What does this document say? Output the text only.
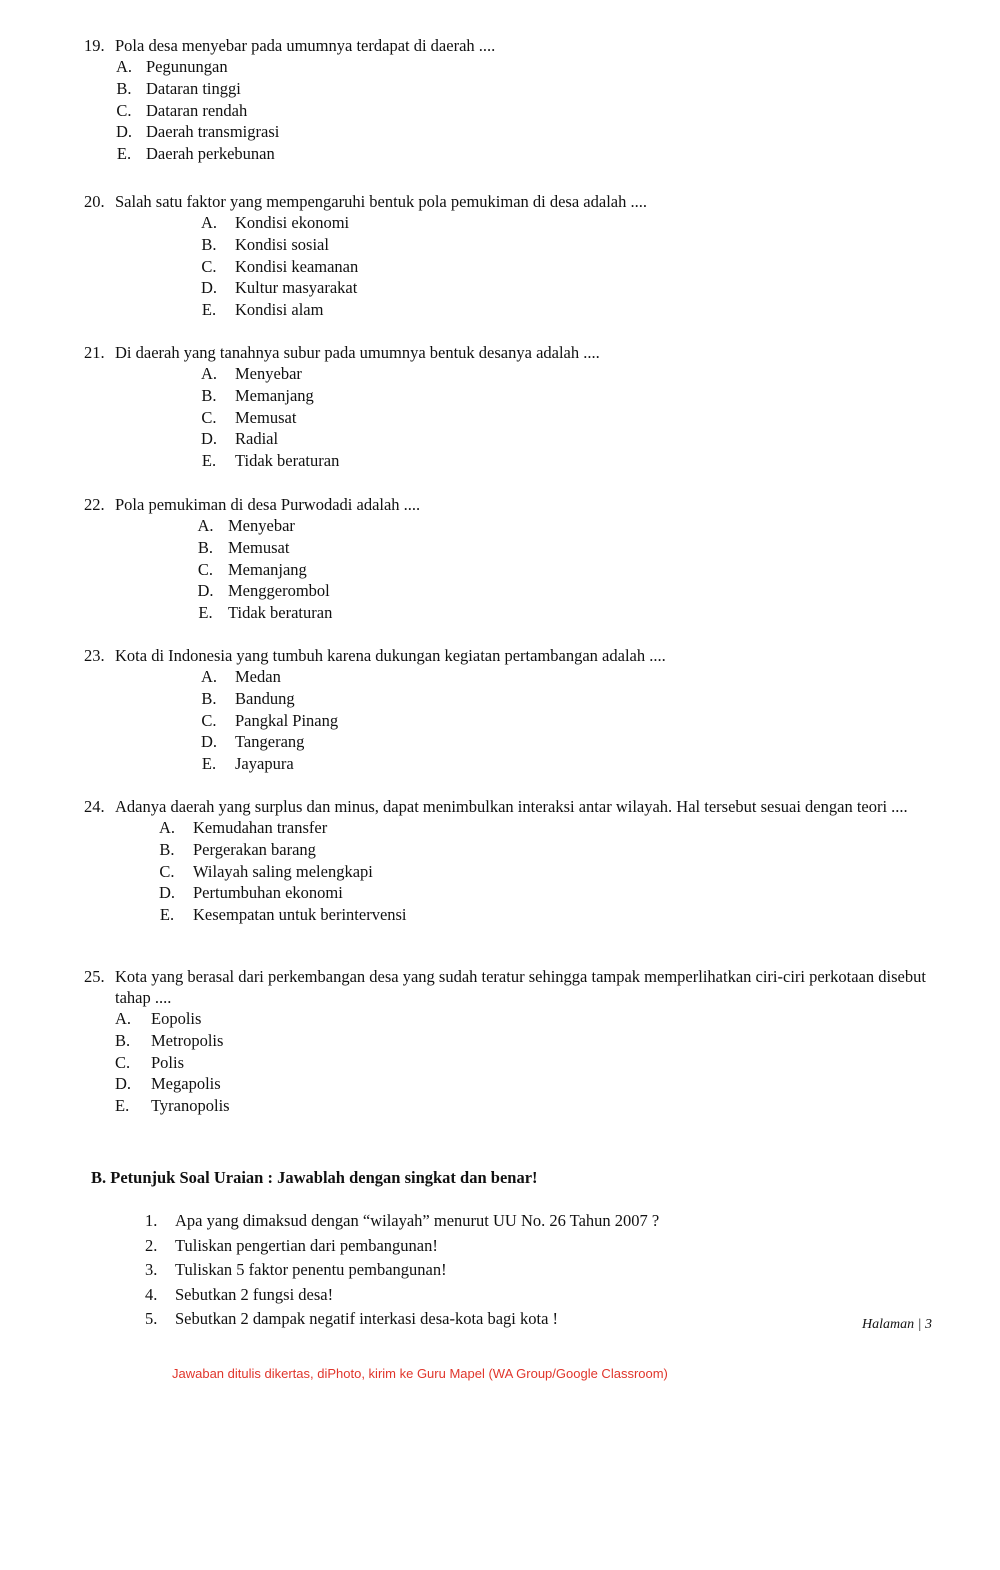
19. Pola desa menyebar pada umumnya terdapat di daerah ....
A. Pegunungan
B. Dataran tinggi
C. Dataran rendah
D. Daerah transmigrasi
E. Daerah perkebunan
20. Salah satu faktor yang mempengaruhi bentuk pola pemukiman di desa adalah ....
A.	Kondisi ekonomi
B.	Kondisi sosial
C.	Kondisi keamanan
D.	Kultur masyarakat
E.	Kondisi alam
21. Di daerah yang tanahnya subur pada umumnya bentuk desanya adalah ....
A.	Menyebar
B.	Memanjang
C.	Memusat
D.	Radial
E.	Tidak beraturan
22. Pola pemukiman di desa Purwodadi adalah ....
A. Menyebar
B. Memusat
C. Memanjang
D. Menggerombol
E. Tidak beraturan
23. Kota di Indonesia yang tumbuh karena dukungan kegiatan pertambangan adalah ....
A.	Medan
B.	Bandung
C.	Pangkal Pinang
D.	Tangerang
E.	Jayapura
24. Adanya daerah yang surplus dan minus, dapat menimbulkan interaksi antar wilayah. Hal tersebut sesuai dengan teori ....
A.	Kemudahan transfer
B.	Pergerakan barang
C.	Wilayah saling melengkapi
D.	Pertumbuhan ekonomi
E.	Kesempatan untuk berintervensi
25. Kota yang berasal dari perkembangan desa yang sudah teratur sehingga tampak memperlihatkan ciri-ciri perkotaan disebut tahap ....
A.	Eopolis
B.	Metropolis
C.	Polis
D.	Megapolis
E.	Tyranopolis
B. Petunjuk Soal Uraian : Jawablah dengan singkat dan benar!
1.	Apa yang dimaksud dengan “wilayah” menurut UU No. 26 Tahun 2007 ?
2.	Tuliskan pengertian dari pembangunan!
3.	Tuliskan 5 faktor penentu pembangunan!
4.	Sebutkan 2 fungsi desa!
5.	Sebutkan 2 dampak negatif interkasi desa-kota bagi kota !	Halaman | 3
Jawaban ditulis dikertas, diPhoto, kirim ke Guru Mapel (WA Group/Google Classroom)
